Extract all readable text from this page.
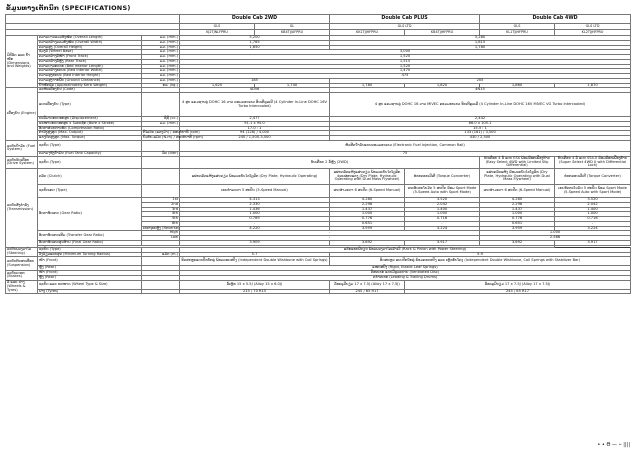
ຂໍ້ມູນທາງເຕັກນິກ (SPECIFICATIONS)
			Double Cab 2WD		Double Cab PLUS		Double Cab 4WD	
			GLS	GL	GLS LTD		GLS	GLS LTD
			KJ2TJNLFPRU	KB4TJJUFPRU	KK1TJJHFPRU	KB4TJJHFPRU	KL1TJJHFPRU	KL2TJJHFPRU
ມິຕິລົດ ແລະ ນ້ຳໜັກ (Dimensions and Weights)	ຄວາມຍາວລວມທັງໝົດ (Overall Length)	ມມ. (mm.)	5,200		5,280			
	ຄວາມກວ້າງລວມທັງໝົດ (Overall Width)	ມມ. (mm.)	1,785		1,815			
	ຄວາມສູງ (Overall Height)	ມມ. (mm.)	1,650		1,780			
	ຊ່ວງລໍ້ (Wheel Base)	ມມ. (mm.)	3,000					
	ຄວາມກວ້າງລໍ້ໜ້າ (Front Track)	ມມ. (mm.)	1,520					
	ຄວາມກວ້າງລໍ້ຫຼັງ (Rear Track)	ມມ. (mm.)	1,515					
	ຄວາມຍາວກະບະ (Bed Interior Length)	ມມ. (mm.)	1,520					
	ຄວາມກວ້າງກະບະ (Bed Interior Width)	ມມ. (mm.)	1,470					
	ຄວາມສູງກະບະ (Bed Interior Height)	ມມ. (mm.)	475					
	ຄວາມສູງຈາກພື້ນ (Ground Clearance)	ມມ. (mm.)	185		205			
	ນ້ຳໜັກລົດ (Approximately Kerb Weight)	ກລ. (kg.)	1,620	1,740	1,780	1,820	1,860	1,870
ເຄື່ອງຍົນ (Engine)	ລະຫັດເຄື່ອງຍົນ (Code)		4D56		4N15			
	ແບບເຄື່ອງຍົນ (Type)		4 ສູບ ແຄມຊາບຄູ່ DOHC 16 ວາວ ຄອມມອນເຣວ ອິນເຕີຄູລເລີ (4 Cylinder In-Line DOHC 16V Turbo Intercooled)		4 ສູບ ແຄມຊາບຄູ່ DOHC 16 ວາວ MIVEC ຄອມມອນເຣວ ອິນເຕີຄູລເລີ (4 Cylinder In-Line DOHC 16V MIVEC VG Turbo Intercooled)			
	ປະລິມາດກະບອກສູບ (Displacement)	ຊີຊີ (cc.)	2,477		2,442			
	ຂະໜາດກະບອກສູບ x ໄລຍະຊັກ (Bore x Stroke)	ມມ. (mm.)	91.1 x 95.0		86.0 x 105.1			
	ອັດຕາສ່ວນການອັດ (Compression Ratio)		17.0 : 1		15.5 : 1			
	ກຳລັງສູງສຸດ (Max. Output)	ກິໂລວັດ (ແຮງມ້າ) / ຮອບຕໍ່ນາທີ (rpm)	94 (128) / 4,000		133 (181) / 3,500			
	ແຮງບິດສູງສຸດ (Max. Torque)	ນິວຕັນ-ແມັດ (N-m) / ຮອບຕໍ່ນາທີ (rpm)	240 / 1,500-3,500		430 / 2,500			
ລະບົບນ້ຳມັນ (Fuel System)	ຊະນິດ (Type)		ຫົວສີດນ້ຳມັນແບບຄອມມອນເຣວ (Electronic Fuel Injection, Common Rail)					
	ຄວາມຈຸຖັງນ້ຳມັນ (Fuel Tank Capacity)	ລິດ (liter)	75					
ລະບົບຂັບເຄື່ອນ (Drive System)	ຊະນິດ (Type)		ຂັບເຄື່ອນ 2 ລໍ້ຫຼັງ (2WD)				ຂັບເຄື່ອນ 4 ລໍ້ ແບບ ESS ພ້ອມລ໊ອກເຟືອງທ້າຍ (Easy Select 4WD with Limited Slip Differential)	ຂັບເຄື່ອນ 4 ລໍ້ ແບບ SS4-II ພ້ອມລ໊ອກເຟືອງທ້າຍ (Super Select 4WD II with Differential Lock)
ລະບົບສົ່ງກຳລັງ (Transmission)	ຄລັດ (Clutch)		ແຜ່ນຄລັດແຫ້ງແຜ່ນດຽວ ພ້ອມລະບົບໄຮໂດຼລິກ (Dry Plate, Hydraulic Operating)		ແຜ່ນຄລັດແຫ້ງແຜ່ນດຽວ ພ້ອມລະບົບໄຮໂດຼລິກ ຊ່ວຍຜ່ອນແຮງ (Dry Plate, Hydraulic Operating with Dual Mass Flywheel)	ທໍຣກຄອນເວີເຕີ (Torque Converter)	ແຜ່ນຄລັດແຫ້ງ ພ້ອມລະບົບໄຮໂດຼລິກ (Dry Plate, Hydraulic Operating with Dual Mass Flywheel)	ທໍຣກຄອນເວີເຕີ (Torque Converter)
	ຊະນິດເກຍ (Type)		ເກຍທຳມະດາ 5 ສະປີດ (5-Speed Manual)		ເກຍທຳມະດາ 6 ສະປີດ (6-Speed Manual)	ເກຍອັດຕະໂນມັດ 5 ສະປີດ ພ້ອມ Sport Mode (5-Speed Auto with Sport Mode)	ເກຍທຳມະດາ 6 ສະປີດ (6-Speed Manual)	ເກຍອັດຕະໂນມັດ 5 ສະປີດ ພ້ອມ Sport Mode (5-Speed Auto with Sport Mode)
	ອັດຕາທົດເກຍ (Gear Ratio)	1st	4.313		4.280	3.520	4.280	3.520
		2nd	2.330		2.298	2.042	2.298	2.042
		3rd	1.436		1.437	1.400	1.437	1.400
		4th	1.000		1.000	1.000	1.000	1.000
		5th	0.789		0.776	0.716	0.776	0.716
		6th	-		0.651	-	0.651	-
		ເກຍຖອຍຫຼັງ (Reverse)	4.220		3.959	3.224	3.959	3.224
	ອັດຕາທົດເກຍເສີມ (Transfer Gear Ratio)	High	-				1.000	
		Low	-				2.566	
	ອັດຕາທົດເກຍສຸດທ້າຍ (Final Gear Ratio)		3.909		3.692	3.917	3.692	3.917

ລະບົບພວງມາໄລ (Steering)	ຊະນິດ (Type)		ແຮັກແອນພີນຽນ ພ້ອມພວງມາໄລເພົາເວີ (Rack & Pinion with Power Steering)					
	ວົງລ້ຽວແຄບສຸດ (Minimum Turning Radius)	ແມັດ (m.)	5.7		5.9			
ລະບົບກັນສະເທືອນ (Suspension)	ໜ້າ (Front)		ອິດສະຫຼະແບບປີກນົກຄູ່ ພ້ອມຄອຍສປິງ (Independent Double Wishbone with Coil Springs)		ອິດສະຫຼະ ແບບປີກນົກຄູ່ ພ້ອມຄອຍສປິງ ແລະ ເຫຼັກກັນໂຄງ (Independent Double Wishbone, Coil Springs with Stabilizer Bar)			
	ຫຼັງ (Rear)		ແໜບສປິງ (Rigid, Elastic Leaf Springs)					
ລະບົບເບຣກ (Brakes)	ໜ້າ (Front)		ດິສເບຣກ ແບບມີຮູລະບາຍ (Ventilated Disc)					
	ຫຼັງ (Rear)		ດຣຳເບຣກ (Leading & Trailing Drums)					
ລໍ້ ແລະ ຢາງ (Wheels & Tyres)	ຊະນິດ ແລະ ຂະໜາດ (Wheel Type & Size)		ລໍ້ເຫຼັກ 15 x 5.5J (Alloy 15 x 6.0J)		ລໍ້ອະລູມີນຽມ 17 x 7.5J (Alloy 17 x 7.5J)	ລໍ້ອະລູມີນຽມ 17 x 7.5J (Alloy 17 x 7.5J)		
	ຢາງ (Tyres)		215 / 70 R15		245 / 65 R17	245 / 65 R17		
• • Θ — ꞏꞏ ||||
